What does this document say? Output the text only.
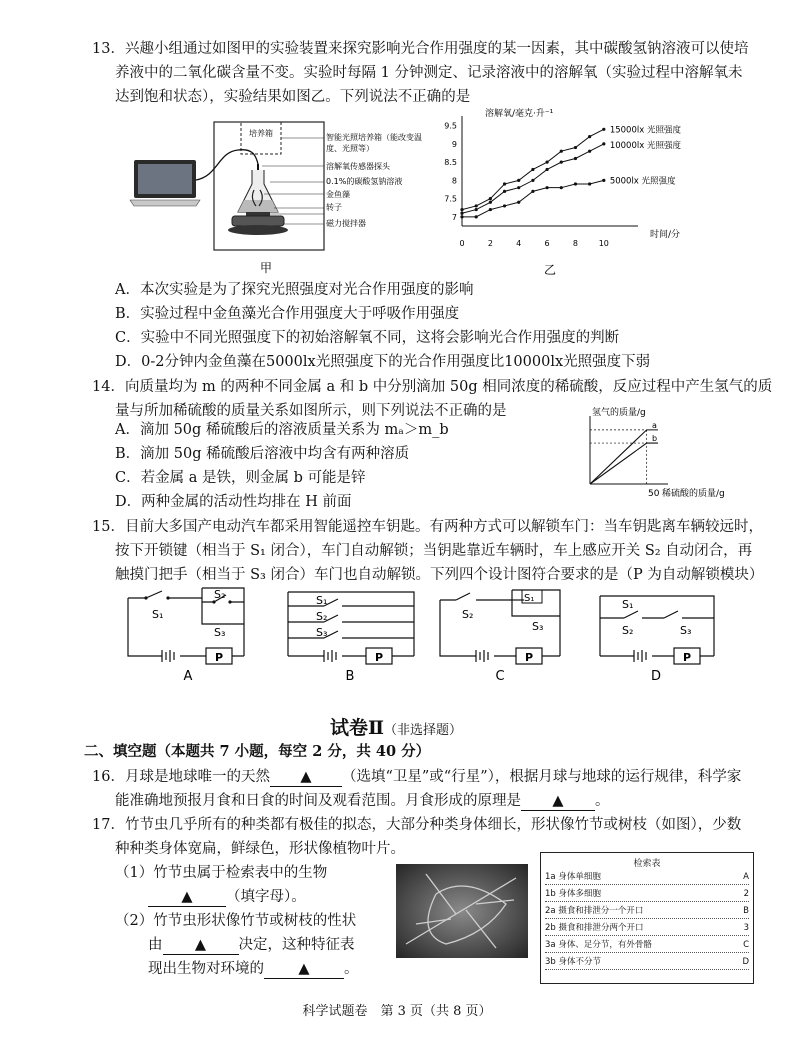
13．兴趣小组通过如图甲的实验装置来探究影响光合作用强度的某一因素，其中碳酸氢钠溶液可以使培
养液中的二氧化碳含量不变。实验时每隔 1 分钟测定、记录溶液中的溶解氧（实验过程中溶解氧未
达到饱和状态），实验结果如图乙。下列说法不正确的是
培养箱	智能光照培养箱（能改变温
度、光照等）
溶解氧传感器探头
0.1%的碳酸氢钠溶液
金鱼藻
转子
磁力搅拌器
甲
7
7.5
8
8.5
9
9.5
0	2	4	6	8	10
15000lx 光照强度
10000lx 光照强度
5000lx 光照强度
溶解氧/毫克·升⁻¹
时间/分
乙
A．本次实验是为了探究光照强度对光合作用强度的影响
B．实验过程中金鱼藻光合作用强度大于呼吸作用强度
C．实验中不同光照强度下的初始溶解氧不同，这将会影响光合作用强度的判断
D．0-2分钟内金鱼藻在5000lx光照强度下的光合作用强度比10000lx光照强度下弱
14．向质量均为 m 的两种不同金属 a 和 b 中分别滴加 50g 相同浓度的稀硫酸，反应过程中产生氢气的质
量与所加稀硫酸的质量关系如图所示，则下列说法不正确的是
A．滴加 50g 稀硫酸后的溶液质量关系为 mₐ＞m_b
B．滴加 50g 稀硫酸后溶液中均含有两种溶质
C．若金属 a 是铁，则金属 b 可能是锌
D．两种金属的活动性均排在 H 前面
a
b
氢气的质量/g
50 稀硫酸的质量/g
15．目前大多国产电动汽车都采用智能遥控车钥匙。有两种方式可以解锁车门：当车钥匙离车辆较远时，
按下开锁键（相当于 S₁ 闭合），车门自动解锁；当钥匙靠近车辆时，车上感应开关 S₂ 自动闭合，再
触摸门把手（相当于 S₃ 闭合）车门也自动解锁。下列四个设计图符合要求的是（P 为自动解锁模块）
S₁
S₂
S₃
P
A
S₁
S₂
S₃
P
B
S₂
S₁
S₃
P
C
S₁
S₂	S₃
P
D
试卷Ⅱ（非选择题）
二、填空题（本题共 7 小题，每空 2 分，共 40 分）
16．月球是地球唯一的天然 ▲ （选填“卫星”或“行星”），根据月球与地球的运行规律，科学家
能准确地预报月食和日食的时间及观看范围。月食形成的原理是 ▲ 。
17．竹节虫几乎所有的种类都有极佳的拟态，大部分种类身体细长，形状像竹节或树枝（如图），少数
种种类身体宽扁，鲜绿色，形状像植物叶片。
（1）竹节虫属于检索表中的生物
▲ （填字母）。
（2）竹节虫形状像竹节或树枝的性状
由 ▲ 决定，这种特征表
现出生物对环境的 ▲ 。
检索表
1a 身体单细胞	A
1b 身体多细胞	2
2a 摄食和排泄分一个开口	B
2b 摄食和排泄分两个开口	3
3a 身体、足分节，有外骨骼	C
3b 身体不分节	D
科学试题卷　第 3 页（共 8 页）
